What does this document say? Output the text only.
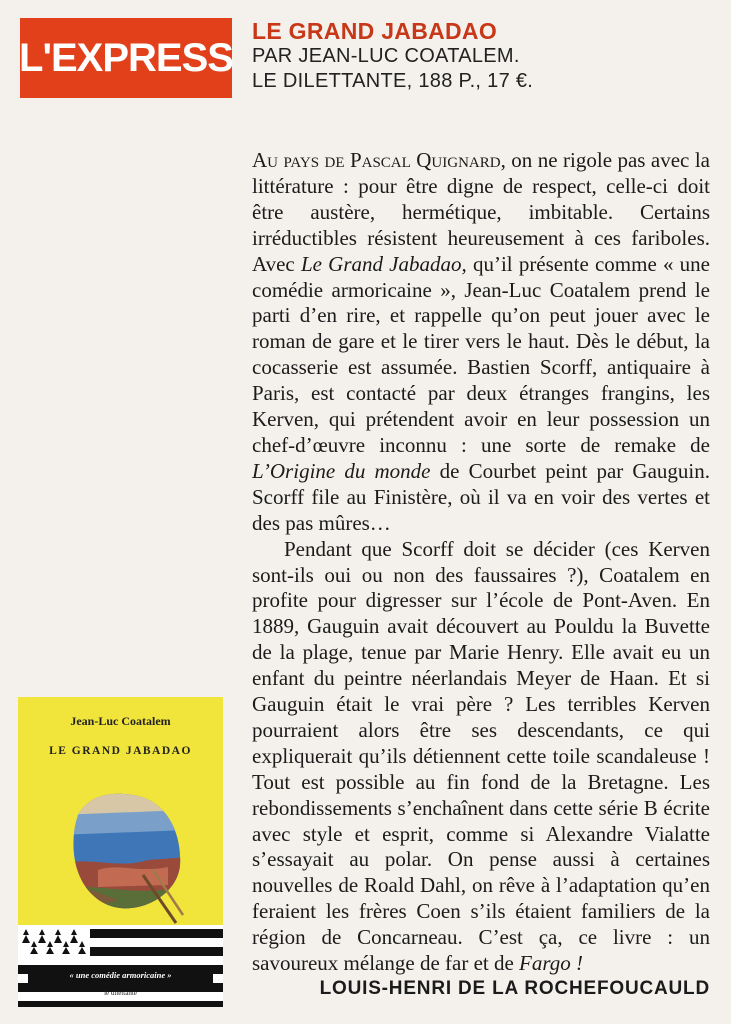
L'EXPRESS
LE GRAND JABADAO
PAR JEAN-LUC COATALEM.
LE DILETTANTE, 188 P., 17 €.

Au pays de Pascal Quignard, on ne rigole pas avec la littérature : pour être digne de respect, celle-ci doit être austère, hermétique, imbitable. Certains irréductibles résistent heureusement à ces fariboles. Avec Le Grand Jabadao, qu’il présente comme « une comédie armoricaine », Jean-Luc Coatalem prend le parti d’en rire, et rappelle qu’on peut jouer avec le roman de gare et le tirer vers le haut. Dès le début, la cocasserie est assumée. Bastien Scorff, antiquaire à Paris, est contacté par deux étranges frangins, les Kerven, qui prétendent avoir en leur possession un chef-d’œuvre inconnu : une sorte de remake de L’Origine du monde de Courbet peint par Gauguin. Scorff file au Finistère, où il va en voir des vertes et des pas mûres…

Pendant que Scorff doit se décider (ces Kerven sont-ils oui ou non des faussaires ?), Coatalem en profite pour digresser sur l’école de Pont-Aven. En 1889, Gauguin avait découvert au Pouldu la Buvette de la plage, tenue par Marie Henry. Elle avait eu un enfant du peintre néerlandais Meyer de Haan. Et si Gauguin était le vrai père ? Les terribles Kerven pourraient alors être ses descendants, ce qui expliquerait qu’ils détiennent cette toile scandaleuse ! Tout est possible au fin fond de la Bretagne. Les rebondissements s’enchaînent dans cette série B écrite avec style et esprit, comme si Alexandre Vialatte s’essayait au polar. On pense aussi à certaines nouvelles de Roald Dahl, on rêve à l’adaptation qu’en feraient les frères Coen s’ils étaient familiers de la région de Concarneau. C’est ça, ce livre : un savoureux mélange de far et de Fargo !

LOUIS-HENRI DE LA ROCHEFOUCAULD
Jean-Luc Coatalem
LE GRAND JABADAO
« une comédie armoricaine »
le dilettante
